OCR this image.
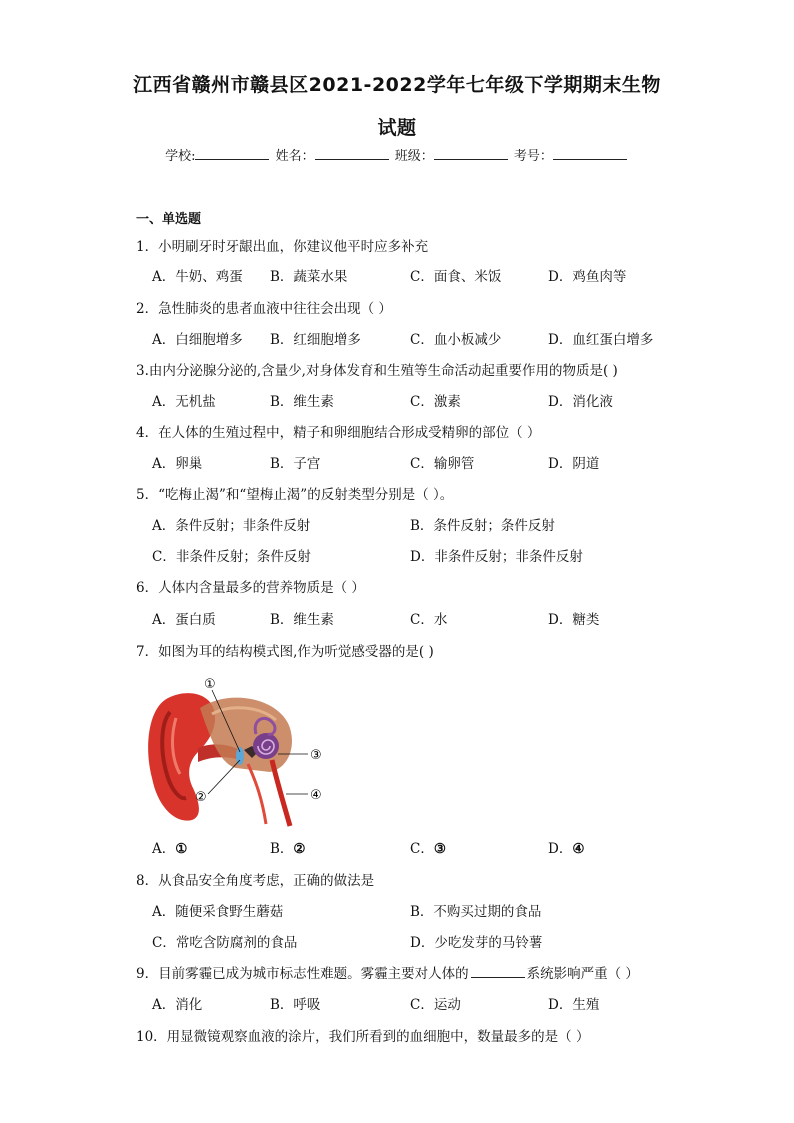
江西省赣州市赣县区2021-2022学年七年级下学期期末生物
试题
学校:	姓名：	班级：	考号：
一、单选题
1．小明刷牙时牙龈出血，你建议他平时应多补充
A．牛奶、鸡蛋 B．蔬菜水果	C．面食、米饭	D．鸡鱼肉等
2．急性肺炎的患者血液中往往会出现（ ）
A．白细胞增多 B．红细胞增多	C．血小板减少	D．血红蛋白增多
3.由内分泌腺分泌的,含量少,对身体发育和生殖等生命活动起重要作用的物质是( )
A．无机盐	B．维生素	C．激素	D．消化液
4．在人体的生殖过程中，精子和卵细胞结合形成受精卵的部位（ ）
A．卵巢	B．子宫	C．输卵管	D．阴道
5．“吃梅止渴”和“望梅止渴”的反射类型分别是（ ）。
A．条件反射；非条件反射	B．条件反射；条件反射
C．非条件反射；条件反射	D．非条件反射；非条件反射
6．人体内含量最多的营养物质是（ ）
A．蛋白质	B．维生素	C．水	D．糖类
7．如图为耳的结构模式图,作为听觉感受器的是( )
①
②
③
④
A．①	B．②	C．③	D．④
8．从食品安全角度考虑，正确的做法是
A．随便采食野生蘑菇	B．不购买过期的食品
C．常吃含防腐剂的食品	D．少吃发芽的马铃薯
9．目前雾霾已成为城市标志性难题。雾霾主要对人体的	系统影响严重（ ）
A．消化	B．呼吸	C．运动	D．生殖
10．用显微镜观察血液的涂片，我们所看到的血细胞中，数量最多的是（ ）
